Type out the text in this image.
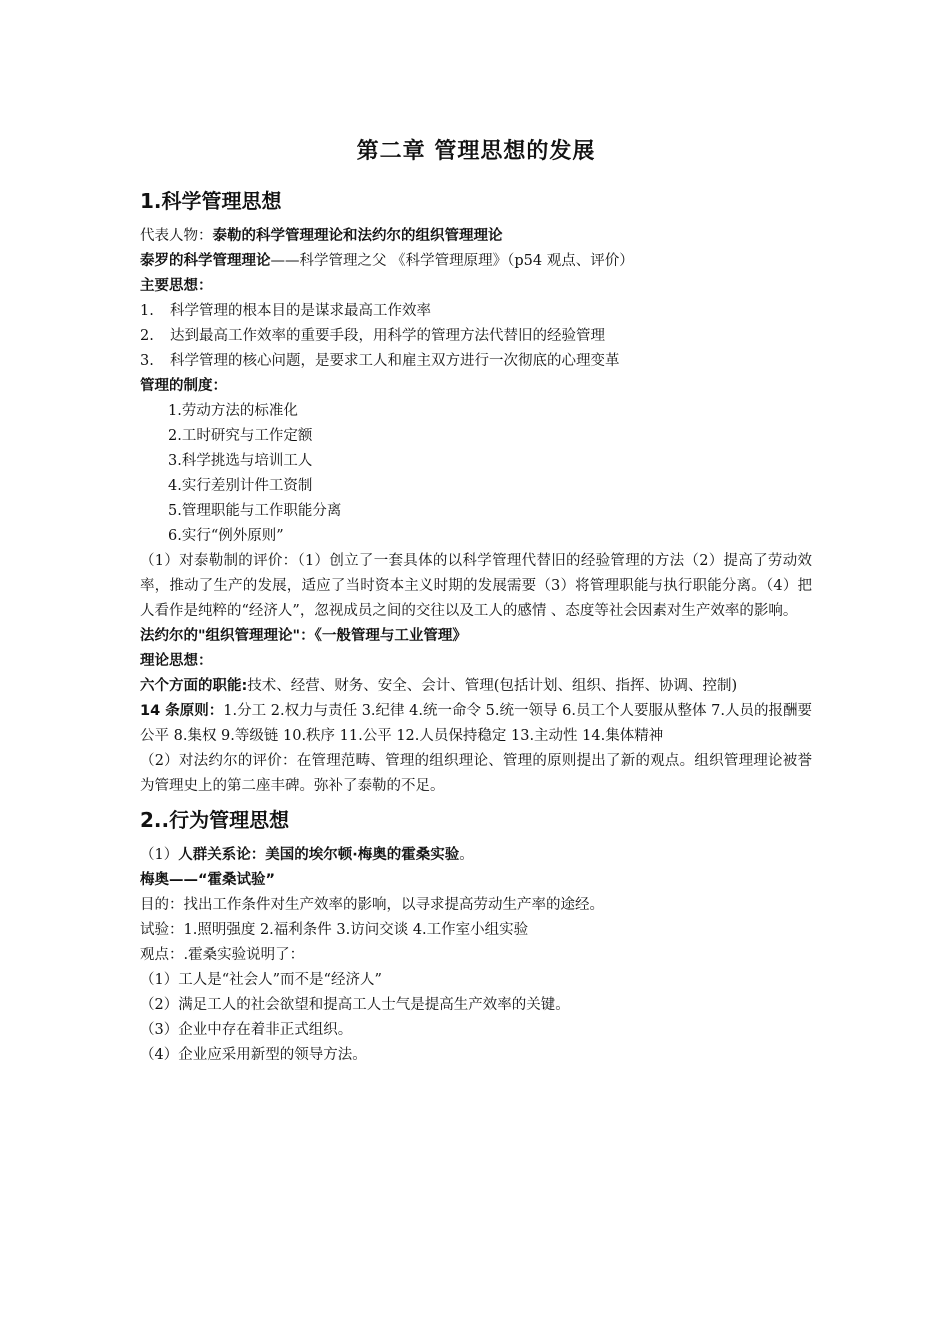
第二章 管理思想的发展
1.科学管理思想

代表人物：泰勒的科学管理理论和法约尔的组织管理理论

泰罗的科学管理理论——科学管理之父 《科学管理原理》（p54 观点、评价）

主要思想：

1. 科学管理的根本目的是谋求最高工作效率

2. 达到最高工作效率的重要手段，用科学的管理方法代替旧的经验管理

3. 科学管理的核心问题，是要求工人和雇主双方进行一次彻底的心理变革

管理的制度：

1.劳动方法的标准化

2.工时研究与工作定额

3.科学挑选与培训工人

4.实行差别计件工资制

5.管理职能与工作职能分离

6.实行“例外原则”

（1）对泰勒制的评价：（1）创立了一套具体的以科学管理代替旧的经验管理的方法（2）提高了劳动效率，推动了生产的发展，适应了当时资本主义时期的发展需要（3）将管理职能与执行职能分离。（4）把人看作是纯粹的“经济人”，忽视成员之间的交往以及工人的感情 、态度等社会因素对生产效率的影响。

法约尔的"组织管理理论"：《一般管理与工业管理》

理论思想：

六个方面的职能:技术、经营、财务、安全、会计、管理(包括计划、组织、指挥、协调、控制)

14 条原则：1.分工 2.权力与责任 3.纪律 4.统一命令 5.统一领导 6.员工个人要服从整体 7.人员的报酬要公平 8.集权 9.等级链 10.秩序 11.公平 12.人员保持稳定 13.主动性 14.集体精神

（2）对法约尔的评价：在管理范畴、管理的组织理论、管理的原则提出了新的观点。组织管理理论被誉为管理史上的第二座丰碑。弥补了泰勒的不足。

2..行为管理思想

（1）人群关系论：美国的埃尔顿·梅奥的霍桑实验。

梅奥——“霍桑试验”

目的：找出工作条件对生产效率的影响，以寻求提高劳动生产率的途经。

试验：1.照明强度 2.福利条件 3.访问交谈 4.工作室小组实验

观点：.霍桑实验说明了：

（1）工人是“社会人”而不是“经济人”

（2）满足工人的社会欲望和提高工人士气是提高生产效率的关键。

（3）企业中存在着非正式组织。

（4）企业应采用新型的领导方法。
